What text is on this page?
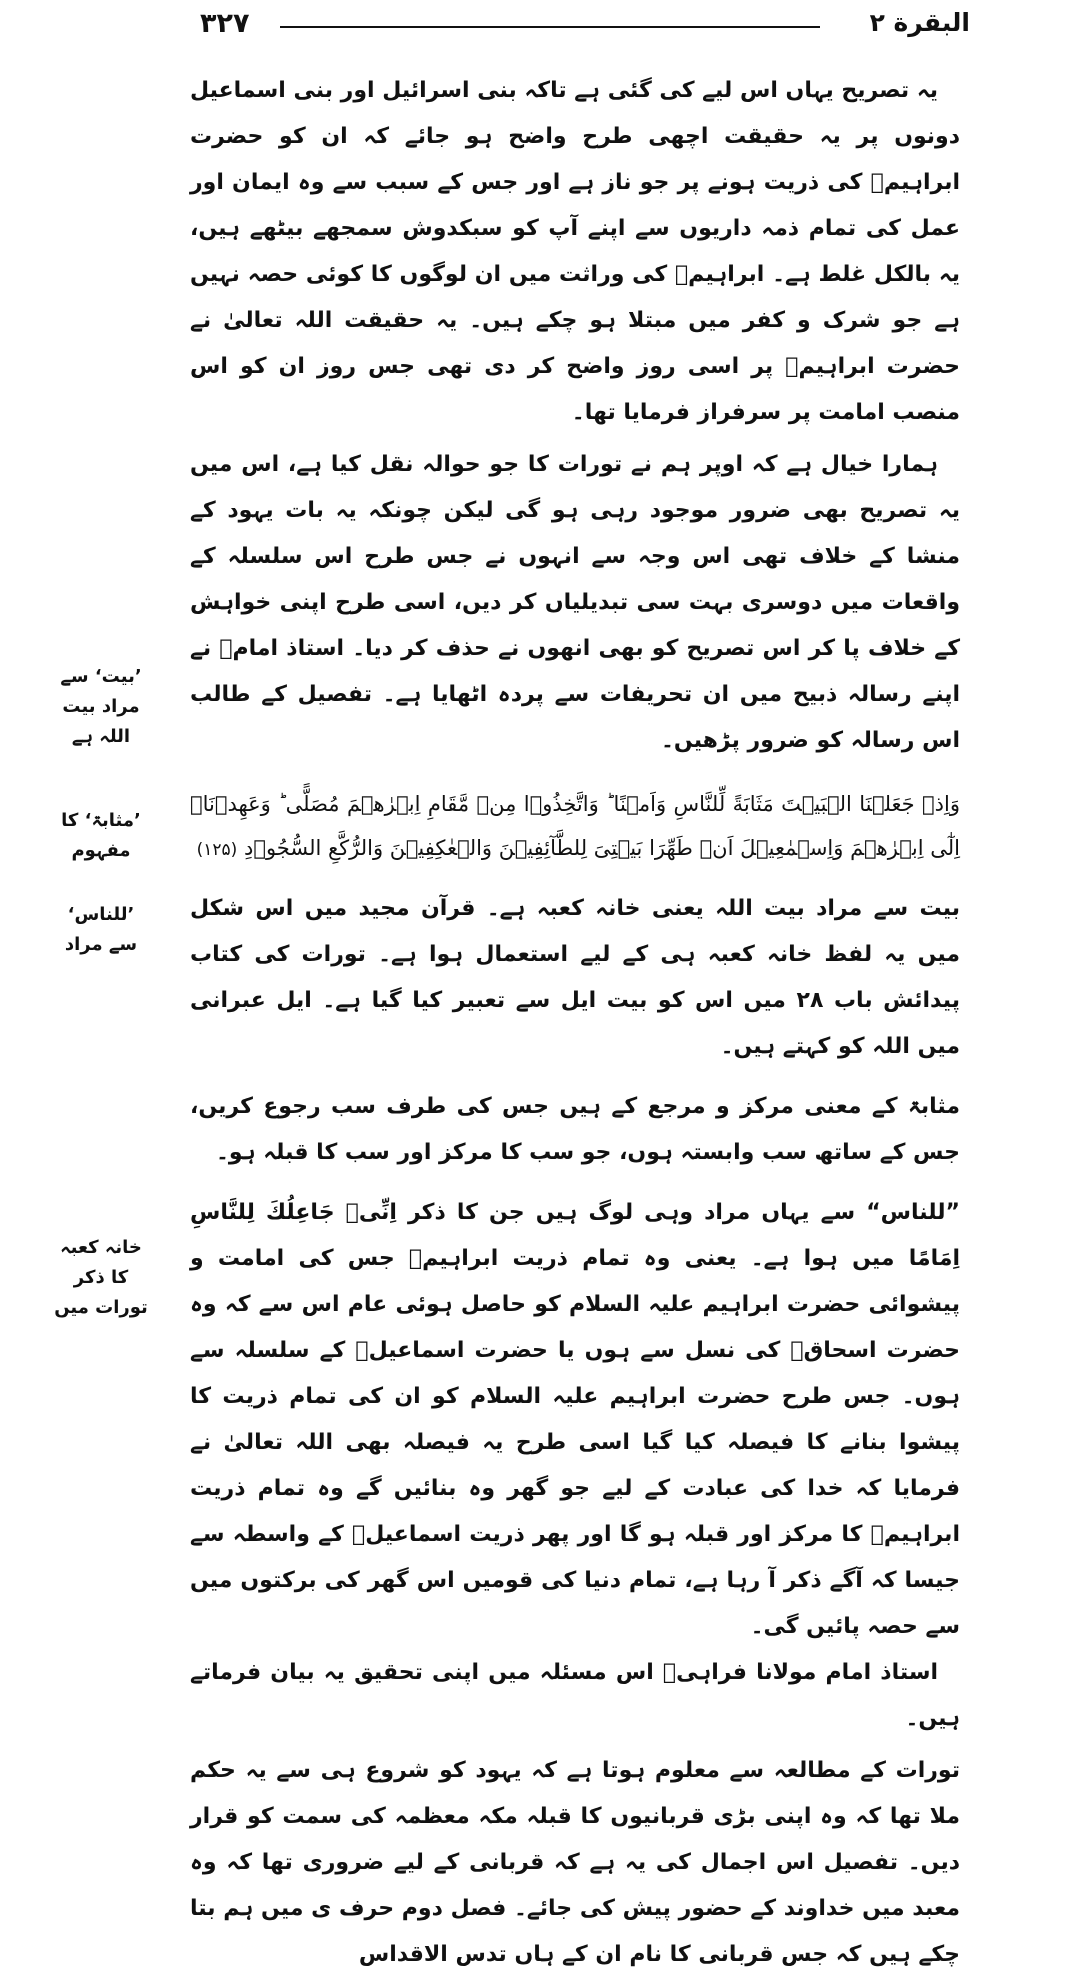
۳۲۷	البقرة ۲

یہ تصریح یہاں اس لیے کی گئی ہے تاکہ بنی اسرائیل اور بنی اسماعیل دونوں پر یہ حقیقت اچھی طرح واضح ہو جائے کہ ان کو حضرت ابراہیمؑ کی ذریت ہونے پر جو ناز ہے اور جس کے سبب سے وہ ایمان اور عمل کی تمام ذمہ داریوں سے اپنے آپ کو سبکدوش سمجھے بیٹھے ہیں، یہ بالکل غلط ہے۔ ابراہیمؑ کی وراثت میں ان لوگوں کا کوئی حصہ نہیں ہے جو شرک و کفر میں مبتلا ہو چکے ہیں۔ یہ حقیقت اللہ تعالیٰ نے حضرت ابراہیمؑ پر اسی روز واضح کر دی تھی جس روز ان کو اس منصب امامت پر سرفراز فرمایا تھا۔

ہمارا خیال ہے کہ اوپر ہم نے تورات کا جو حوالہ نقل کیا ہے، اس میں یہ تصریح بھی ضرور موجود رہی ہو گی لیکن چونکہ یہ بات یہود کے منشا کے خلاف تھی اس وجہ سے انہوں نے جس طرح اس سلسلہ کے واقعات میں دوسری بہت سی تبدیلیاں کر دیں، اسی طرح اپنی خواہش کے خلاف پا کر اس تصریح کو بھی انھوں نے حذف کر دیا۔ استاذ امامؒ نے اپنے رسالہ ذبیح میں ان تحریفات سے پردہ اٹھایا ہے۔ تفصیل کے طالب اس رسالہ کو ضرور پڑھیں۔

وَاِذۡ جَعَلۡنَا الۡبَيۡتَ مَثَابَةً لِّلنَّاسِ وَاَمۡنًا ؕ وَاتَّخِذُوۡا مِنۡ مَّقَامِ اِبۡرٰهٖمَ مُصَلًّى ؕ وَعَهِدۡنَاۤ اِلٰٓى اِبۡرٰهٖمَ وَاِسۡمٰعِيۡلَ اَنۡ طَهِّرَا بَيۡتِىَ لِلطَّآئِفِيۡنَ وَالۡعٰكِفِيۡنَ وَالرُّكَّعِ السُّجُوۡدِ (۱۲۵)

بیت سے مراد بیت اللہ یعنی خانہ کعبہ ہے۔ قرآن مجید میں اس شکل میں یہ لفظ خانہ کعبہ ہی کے لیے استعمال ہوا ہے۔ تورات کی کتاب پیدائش باب ۲۸ میں اس کو بیت ایل سے تعبیر کیا گیا ہے۔ ایل عبرانی میں اللہ کو کہتے ہیں۔

مثابۃ کے معنی مرکز و مرجع کے ہیں جس کی طرف سب رجوع کریں، جس کے ساتھ سب وابستہ ہوں، جو سب کا مرکز اور سب کا قبلہ ہو۔

”للناس“ سے یہاں مراد وہی لوگ ہیں جن کا ذکر اِنِّىۡ جَاعِلُكَ لِلنَّاسِ اِمَامًا میں ہوا ہے۔ یعنی وہ تمام ذریت ابراہیمؑ جس کی امامت و پیشوائی حضرت ابراہیم علیہ السلام کو حاصل ہوئی عام اس سے کہ وہ حضرت اسحاقؑ کی نسل سے ہوں یا حضرت اسماعیلؑ کے سلسلہ سے ہوں۔ جس طرح حضرت ابراہیم علیہ السلام کو ان کی تمام ذریت کا پیشوا بنانے کا فیصلہ کیا گیا اسی طرح یہ فیصلہ بھی اللہ تعالیٰ نے فرمایا کہ خدا کی عبادت کے لیے جو گھر وہ بنائیں گے وہ تمام ذریت ابراہیمؑ کا مرکز اور قبلہ ہو گا اور پھر ذریت اسماعیلؑ کے واسطہ سے جیسا کہ آگے ذکر آ رہا ہے، تمام دنیا کی قومیں اس گھر کی برکتوں میں سے حصہ پائیں گی۔

استاذ امام مولانا فراہیؒ اس مسئلہ میں اپنی تحقیق یہ بیان فرماتے ہیں۔

تورات کے مطالعہ سے معلوم ہوتا ہے کہ یہود کو شروع ہی سے یہ حکم ملا تھا کہ وہ اپنی بڑی قربانیوں کا قبلہ مکہ معظمہ کی سمت کو قرار دیں۔ تفصیل اس اجمال کی یہ ہے کہ قربانی کے لیے ضروری تھا کہ وہ معبد میں خداوند کے حضور پیش کی جائے۔ فصل دوم حرف ی میں ہم بتا چکے ہیں کہ جس قربانی کا نام ان کے ہاں تدس الاقداس

’بیت‘ سے مراد بیت اللہ ہے
’مثابۃ‘ کا مفہوم
’للناس‘ سے مراد
خانہ کعبہ کا ذکر تورات میں
